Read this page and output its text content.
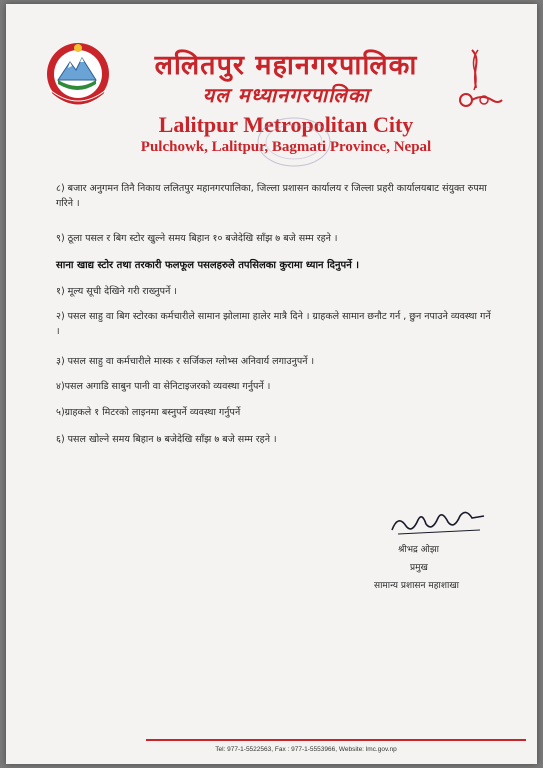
ललितपुर महानगरपालिका
यल मध्यानगरपालिका
Lalitpur Metropolitan City
Pulchowk, Lalitpur, Bagmati Province, Nepal
८) बजार अनुगमन तिनै निकाय ललितपुर महानगरपालिका, जिल्ला प्रशासन कार्यालय र जिल्ला प्रहरी कार्यालयबाट संयुक्त रुपमा गरिने ।
९) ठूला पसल र बिग स्टोर खुल्ने समय बिहान १० बजेदेखि साँझ ७ बजे सम्म रहने ।
साना खाद्य स्टोर तथा तरकारी फलफूल पसलहरुले तपसिलका कुरामा ध्यान दिनुपर्ने ।
१) मूल्य सूची देखिने गरी राख्नुपर्ने ।
२) पसल साहु वा बिग स्टोरका कर्मचारीले सामान झोलामा हालेर मात्रै दिने । ग्राहकले सामान छनौट गर्न , छुन नपाउने व्यवस्था गर्ने ।
३) पसल साहु वा कर्मचारीले मास्क र सर्जिकल ग्लोभ्स अनिवार्य लगाउनुपर्ने ।
४)पसल अगाडि साबुन पानी वा सेनिटाइजरको व्यवस्था गर्नुपर्ने ।
५)ग्राहकले १ मिटरको लाइनमा बस्नुपर्ने व्यवस्था गर्नुपर्ने
६) पसल खोल्ने समय बिहान ७ बजेदेखि साँझ ७ बजे सम्म रहने ।
श्रीभद्र ओझा
प्रमुख
सामान्य प्रशासन महाशाखा
Tel: 977-1-5522563, Fax : 977-1-5553966, Website: lmc.gov.np
